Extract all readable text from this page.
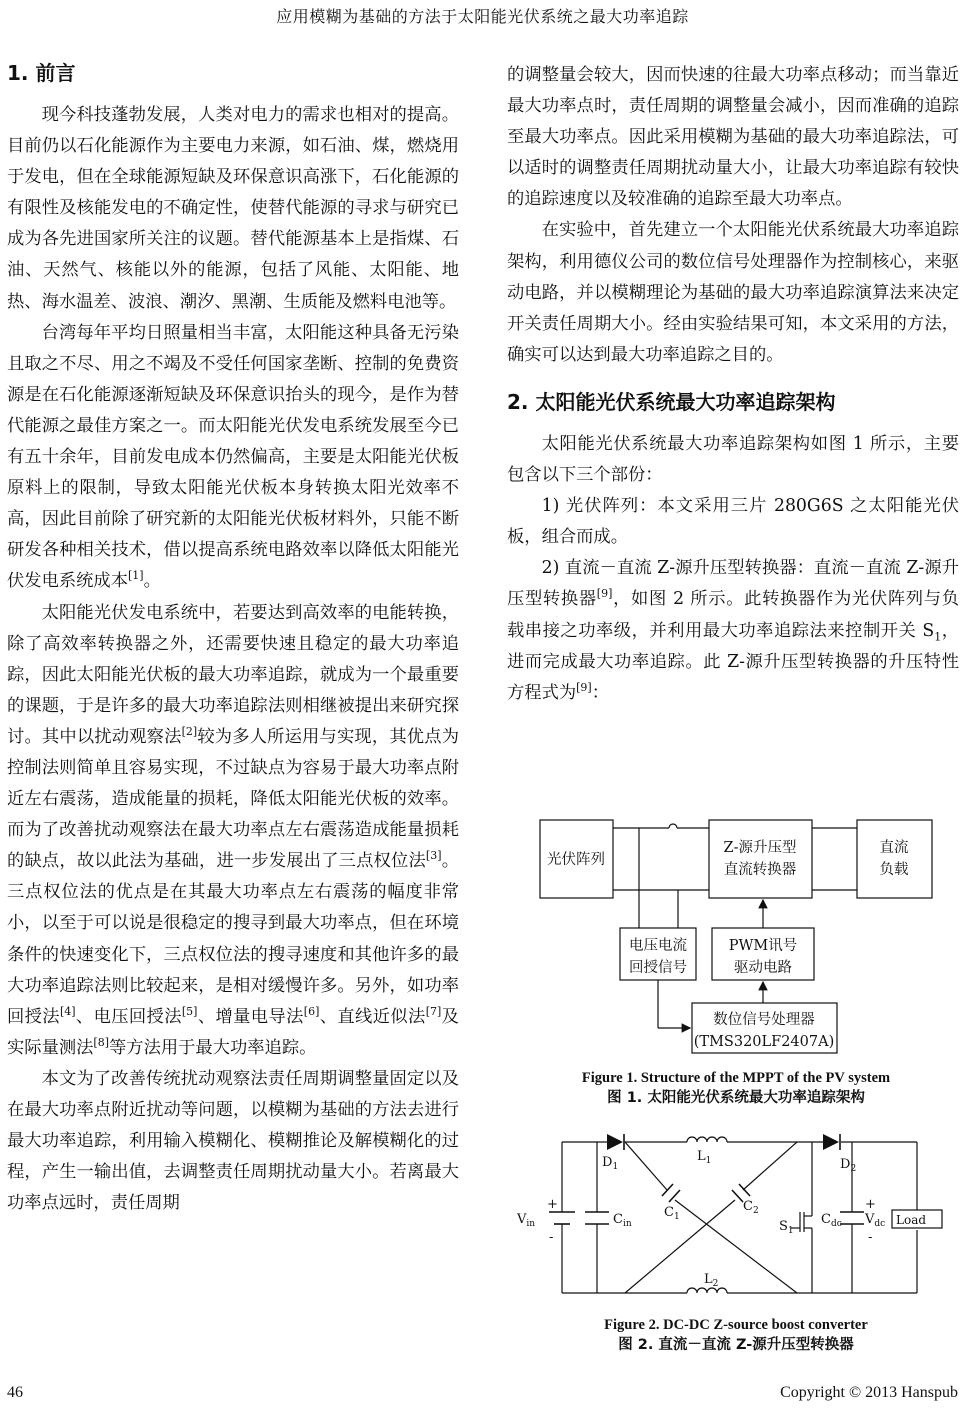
应用模糊为基础的方法于太阳能光伏系统之最大功率追踪
1. 前言

现今科技蓬勃发展，人类对电力的需求也相对的提高。目前仍以石化能源作为主要电力来源，如石油、煤，燃烧用于发电，但在全球能源短缺及环保意识高涨下，石化能源的有限性及核能发电的不确定性，使替代能源的寻求与研究已成为各先进国家所关注的议题。替代能源基本上是指煤、石油、天然气、核能以外的能源，包括了风能、太阳能、地热、海水温差、波浪、潮汐、黑潮、生质能及燃料电池等。

台湾每年平均日照量相当丰富，太阳能这种具备无污染且取之不尽、用之不竭及不受任何国家垄断、控制的免费资源是在石化能源逐渐短缺及环保意识抬头的现今，是作为替代能源之最佳方案之一。而太阳能光伏发电系统发展至今已有五十余年，目前发电成本仍然偏高，主要是太阳能光伏板原料上的限制，导致太阳能光伏板本身转换太阳光效率不高，因此目前除了研究新的太阳能光伏板材料外，只能不断研发各种相关技术，借以提高系统电路效率以降低太阳能光伏发电系统成本[1]。

太阳能光伏发电系统中，若要达到高效率的电能转换，除了高效率转换器之外，还需要快速且稳定的最大功率追踪，因此太阳能光伏板的最大功率追踪，就成为一个最重要的课题，于是许多的最大功率追踪法则相继被提出来研究探讨。其中以扰动观察法[2]较为多人所运用与实现，其优点为控制法则简单且容易实现，不过缺点为容易于最大功率点附近左右震荡，造成能量的损耗，降低太阳能光伏板的效率。而为了改善扰动观察法在最大功率点左右震荡造成能量损耗的缺点，故以此法为基础，进一步发展出了三点权位法[3]。三点权位法的优点是在其最大功率点左右震荡的幅度非常小，以至于可以说是很稳定的搜寻到最大功率点，但在环境条件的快速变化下，三点权位法的搜寻速度和其他许多的最大功率追踪法则比较起来，是相对缓慢许多。另外，如功率回授法[4]、电压回授法[5]、增量电导法[6]、直线近似法[7]及实际量测法[8]等方法用于最大功率追踪。

本文为了改善传统扰动观察法责任周期调整量固定以及在最大功率点附近扰动等问题，以模糊为基础的方法去进行最大功率追踪，利用输入模糊化、模糊推论及解模糊化的过程，产生一输出值，去调整责任周期扰动量大小。若离最大功率点远时，责任周期

的调整量会较大，因而快速的往最大功率点移动；而当靠近最大功率点时，责任周期的调整量会减小，因而准确的追踪至最大功率点。因此采用模糊为基础的最大功率追踪法，可以适时的调整责任周期扰动量大小，让最大功率追踪有较快的追踪速度以及较准确的追踪至最大功率点。

在实验中，首先建立一个太阳能光伏系统最大功率追踪架构，利用德仪公司的数位信号处理器作为控制核心，来驱动电路，并以模糊理论为基础的最大功率追踪演算法来决定开关责任周期大小。经由实验结果可知，本文采用的方法，确实可以达到最大功率追踪之目的。

2. 太阳能光伏系统最大功率追踪架构

太阳能光伏系统最大功率追踪架构如图 1 所示，主要包含以下三个部份：

1) 光伏阵列：本文采用三片 280G6S 之太阳能光伏板，组合而成。

2) 直流－直流 Z-源升压型转换器：直流－直流 Z-源升压型转换器[9]，如图 2 所示。此转换器作为光伏阵列与负载串接之功率级，并利用最大功率追踪法来控制开关 $S_1$，进而完成最大功率追踪。此 Z-源升压型转换器的升压特性方程式为[9]：

光伏阵列
Z-源升压型
直流转换器
直流
负载
电压电流
回授信号
PWM讯号
驱动电路
数位信号处理器
(TMS320LF2407A)
Figure 1. Structure of the MPPT of the PV system
图 1. 太阳能光伏系统最大功率追踪架构
$D_1$
$L_1$	$D_2$
$V_{in}$
+
-
$C_{in}$
$C_1$
$C_2$
$S_1$
$C_{dc}$ $V_{dc}$
+
-
Load
$L_2$
Figure 2. DC-DC Z-source boost converter
图 2. 直流－直流 Z-源升压型转换器
46	Copyright © 2013 Hanspub
